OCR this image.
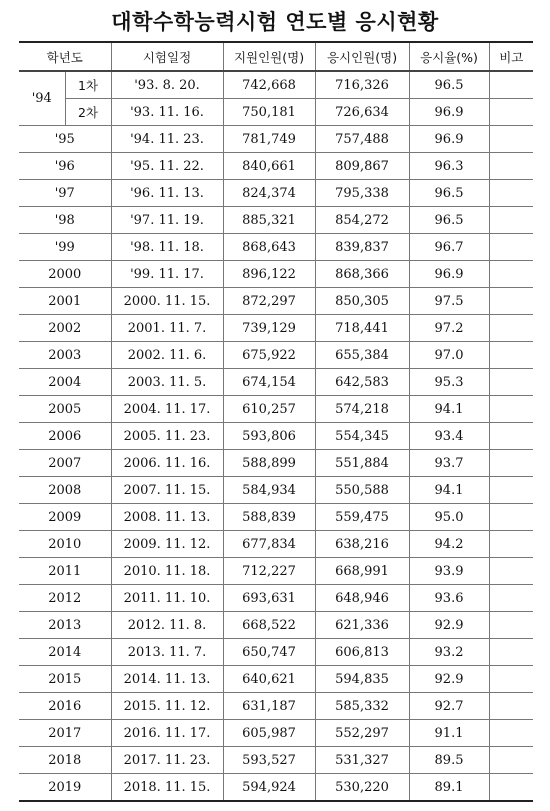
대학수학능력시험 연도별 응시현황
학년도		시험일정	지원인원(명)	응시인원(명)	응시율(%)	비고
'94	1차	'93. 8. 20.	742,668	716,326	96.5	
	2차	'93. 11. 16.	750,181	726,634	96.9	
'95		'94. 11. 23.	781,749	757,488	96.9	
'96		'95. 11. 22.	840,661	809,867	96.3	
'97		'96. 11. 13.	824,374	795,338	96.5	
'98		'97. 11. 19.	885,321	854,272	96.5	
'99		'98. 11. 18.	868,643	839,837	96.7	
2000		'99. 11. 17.	896,122	868,366	96.9	
2001		2000. 11. 15.	872,297	850,305	97.5	
2002		2001. 11. 7.	739,129	718,441	97.2	
2003		2002. 11. 6.	675,922	655,384	97.0	
2004		2003. 11. 5.	674,154	642,583	95.3	
2005		2004. 11. 17.	610,257	574,218	94.1	
2006		2005. 11. 23.	593,806	554,345	93.4	
2007		2006. 11. 16.	588,899	551,884	93.7	
2008		2007. 11. 15.	584,934	550,588	94.1	
2009		2008. 11. 13.	588,839	559,475	95.0	
2010		2009. 11. 12.	677,834	638,216	94.2	
2011		2010. 11. 18.	712,227	668,991	93.9	
2012		2011. 11. 10.	693,631	648,946	93.6	
2013		2012. 11. 8.	668,522	621,336	92.9	
2014		2013. 11. 7.	650,747	606,813	93.2	
2015		2014. 11. 13.	640,621	594,835	92.9	
2016		2015. 11. 12.	631,187	585,332	92.7	
2017		2016. 11. 17.	605,987	552,297	91.1	
2018		2017. 11. 23.	593,527	531,327	89.5	
2019		2018. 11. 15.	594,924	530,220	89.1	
